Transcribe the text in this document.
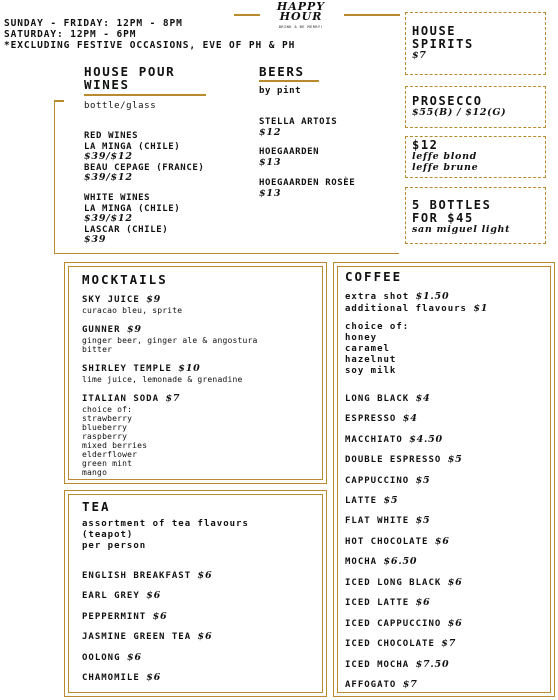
HAPPY
HOUR
DRINK & BE MERRY!
SUNDAY - FRIDAY: 12PM - 8PM
SATURDAY: 12PM - 6PM
*EXCLUDING FESTIVE OCCASIONS, EVE OF PH & PH
HOUSE POUR
WINES
bottle/glass
RED WINES
LA MINGA (CHILE)
$39/$12
BEAU CEPAGE (FRANCE)
$39/$12
WHITE WINES
LA MINGA (CHILE)
$39/$12
LASCAR (CHILE)
$39
BEERS
by pint
STELLA ARTOIS
$12
HOEGAARDEN
$13
HOEGAARDEN ROSÈE
$13
HOUSE
SPIRITS
$7
PROSECCO
$55(B) / $12(G)
$12
leffe blond
leffe brune
5 BOTTLES
FOR $45
san miguel light
MOCKTAILS
SKY JUICE $9
curacao bleu, sprite
GUNNER $9
ginger beer, ginger ale & angostura
bitter
SHIRLEY TEMPLE $10
lime juice, lemonade & grenadine
ITALIAN SODA $7
choice of:
strawberry
blueberry
raspberry
mixed berries
elderflower
green mint
mango
TEA
assortment of tea flavours
(teapot)
per person
ENGLISH BREAKFAST $6
EARL GREY $6
PEPPERMINT $6
JASMINE GREEN TEA $6
OOLONG $6
CHAMOMILE $6
COFFEE
extra shot $1.50
additional flavours $1
choice of:
honey
caramel
hazelnut
soy milk
LONG BLACK $4
ESPRESSO $4
MACCHIATO $4.50
DOUBLE ESPRESSO $5
CAPPUCCINO $5
LATTE $5
FLAT WHITE $5
HOT CHOCOLATE $6
MOCHA $6.50
ICED LONG BLACK $6
ICED LATTE $6
ICED CAPPUCCINO $6
ICED CHOCOLATE $7
ICED MOCHA $7.50
AFFOGATO $7
